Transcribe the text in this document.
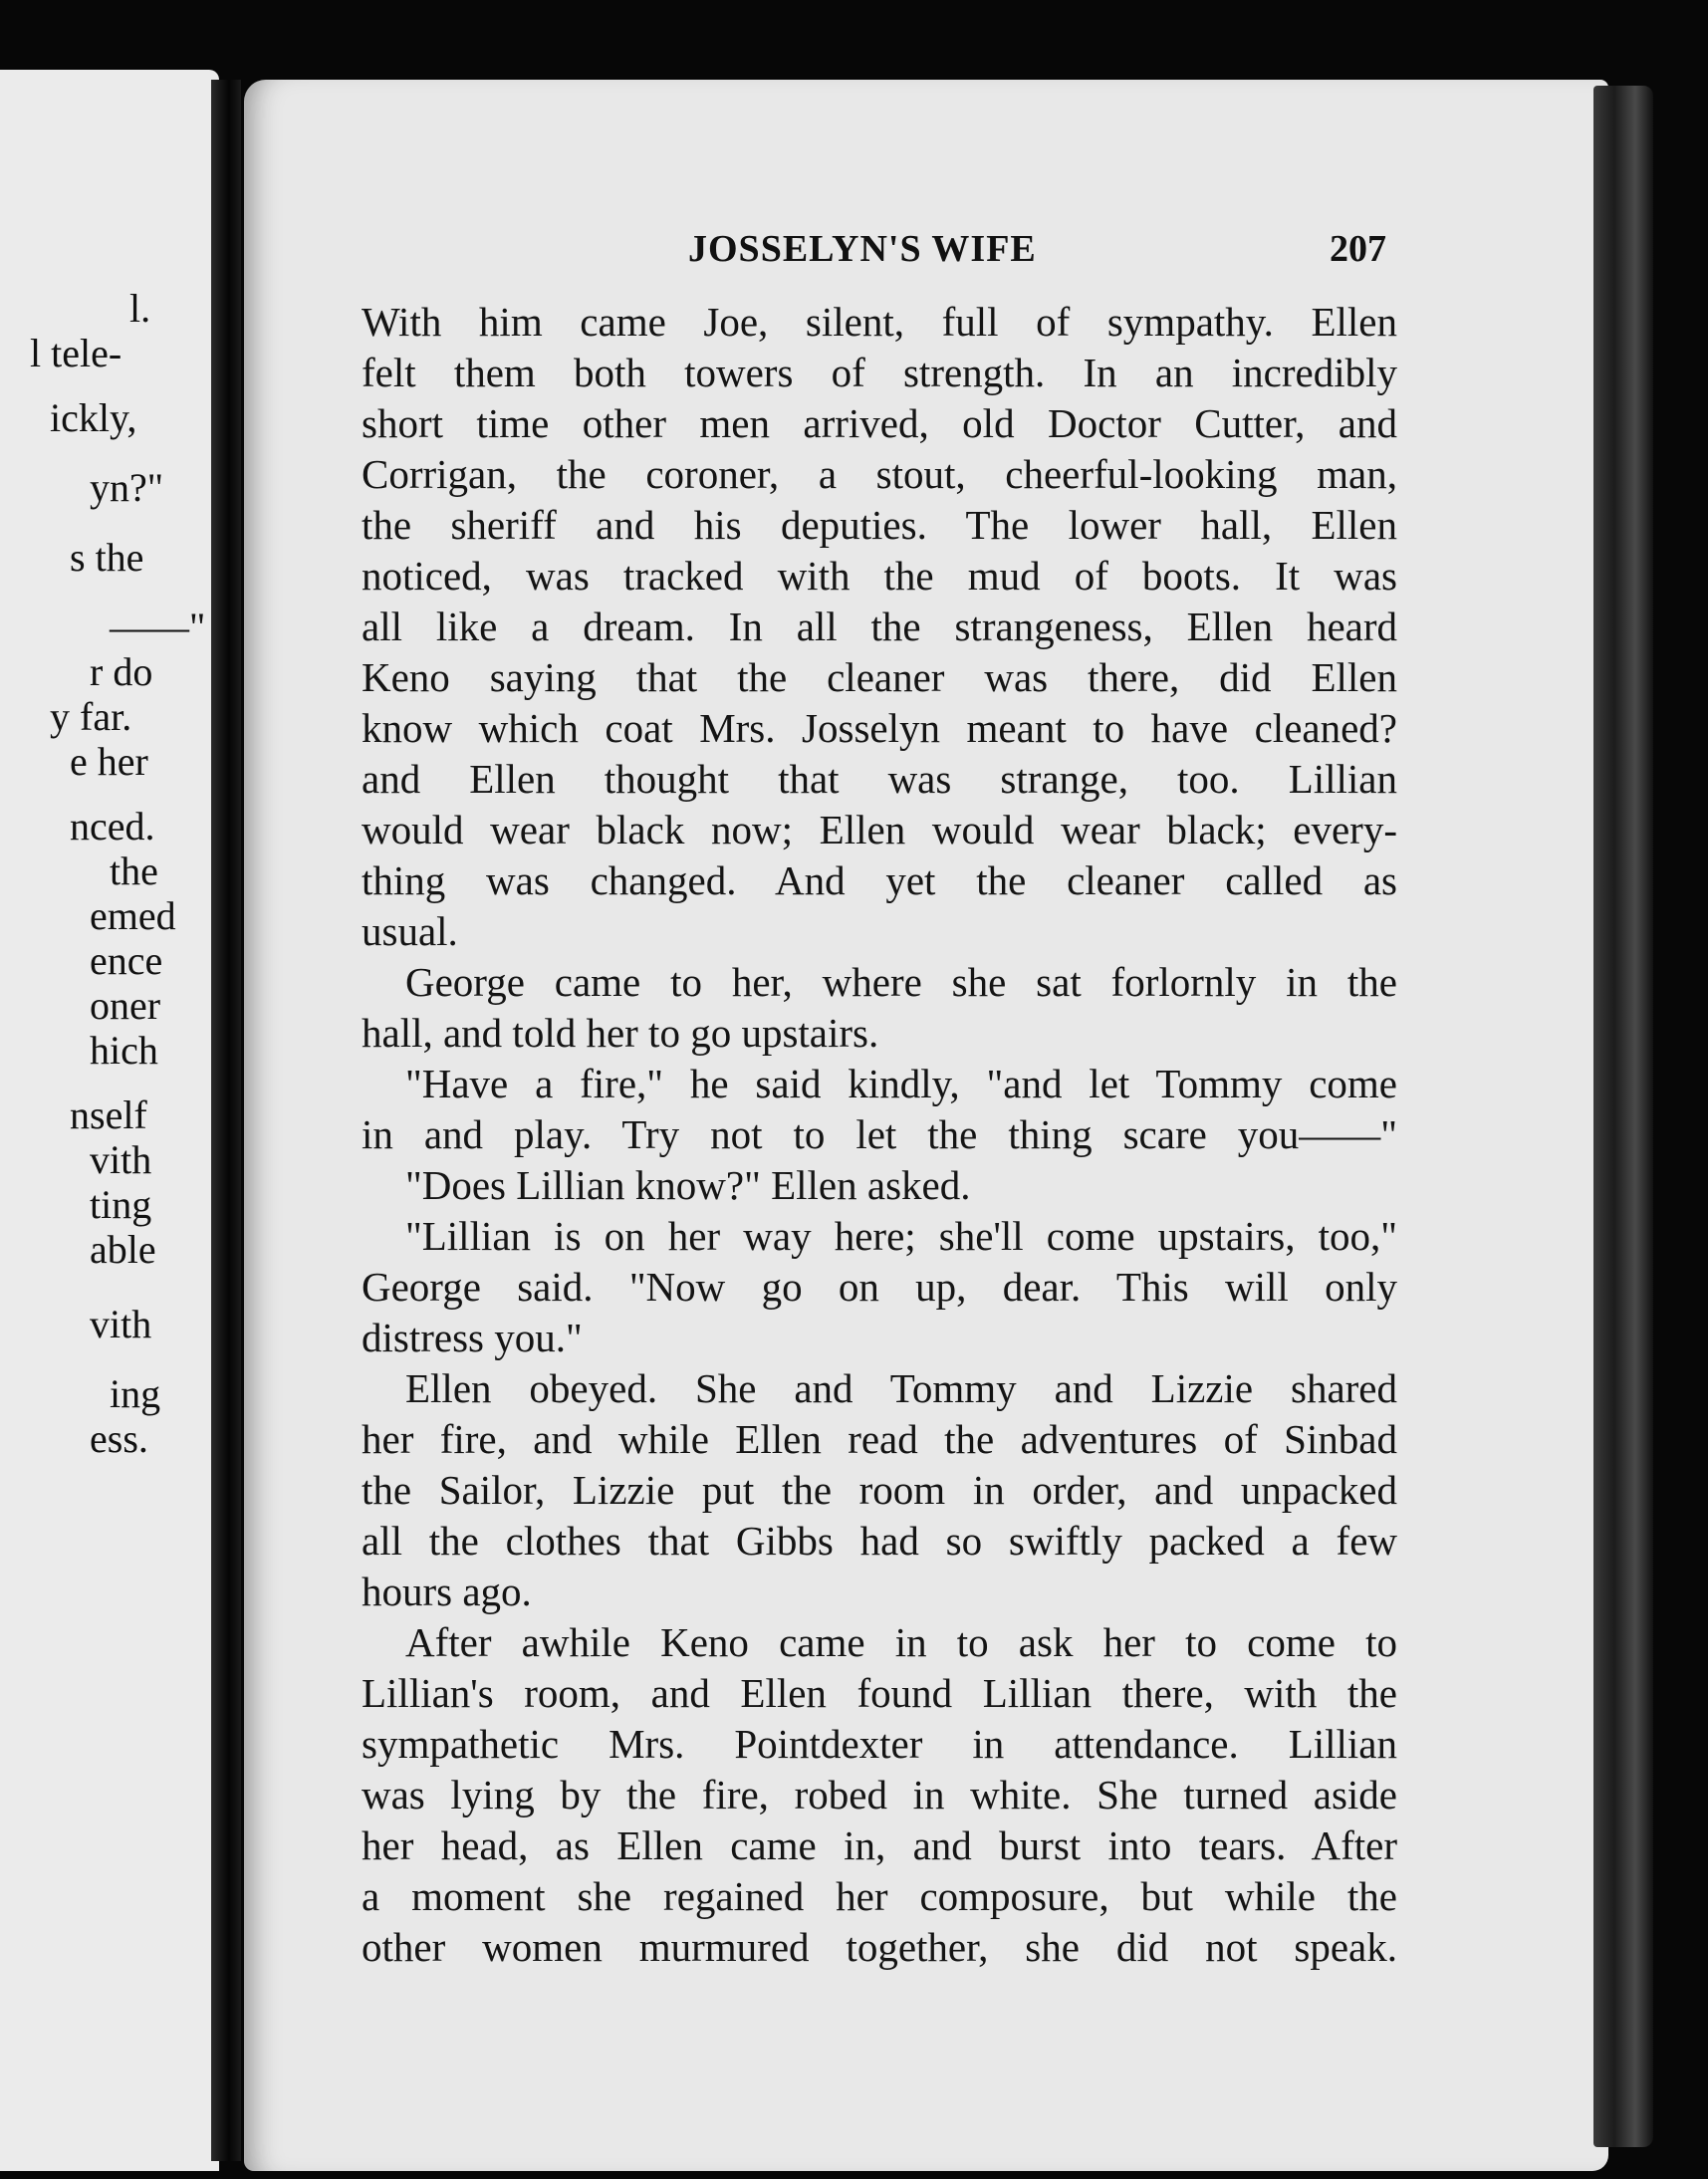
l.
l tele-
ickly,
yn?"
s the
——"
r do
y far.
e her
nced.
the
emed
ence
oner
hich
nself
vith
ting
able
vith
ing
ess.
JOSSELYN'S WIFE	207
With him came Joe, silent, full of sympathy. Ellen
felt them both towers of strength. In an incredibly
short time other men arrived, old Doctor Cutter, and
Corrigan, the coroner, a stout, cheerful-looking man,
the sheriff and his deputies. The lower hall, Ellen
noticed, was tracked with the mud of boots. It was
all like a dream. In all the strangeness, Ellen heard
Keno saying that the cleaner was there, did Ellen
know which coat Mrs. Josselyn meant to have cleaned?
and Ellen thought that was strange, too. Lillian
would wear black now; Ellen would wear black; every-
thing was changed. And yet the cleaner called as
usual.
George came to her, where she sat forlornly in the
hall, and told her to go upstairs.
"Have a fire," he said kindly, "and let Tommy come
in and play. Try not to let the thing scare you——"
"Does Lillian know?" Ellen asked.
"Lillian is on her way here; she'll come upstairs, too,"
George said. "Now go on up, dear. This will only
distress you."
Ellen obeyed. She and Tommy and Lizzie shared
her fire, and while Ellen read the adventures of Sinbad
the Sailor, Lizzie put the room in order, and unpacked
all the clothes that Gibbs had so swiftly packed a few
hours ago.
After awhile Keno came in to ask her to come to
Lillian's room, and Ellen found Lillian there, with the
sympathetic Mrs. Pointdexter in attendance. Lillian
was lying by the fire, robed in white. She turned aside
her head, as Ellen came in, and burst into tears. After
a moment she regained her composure, but while the
other women murmured together, she did not speak.
